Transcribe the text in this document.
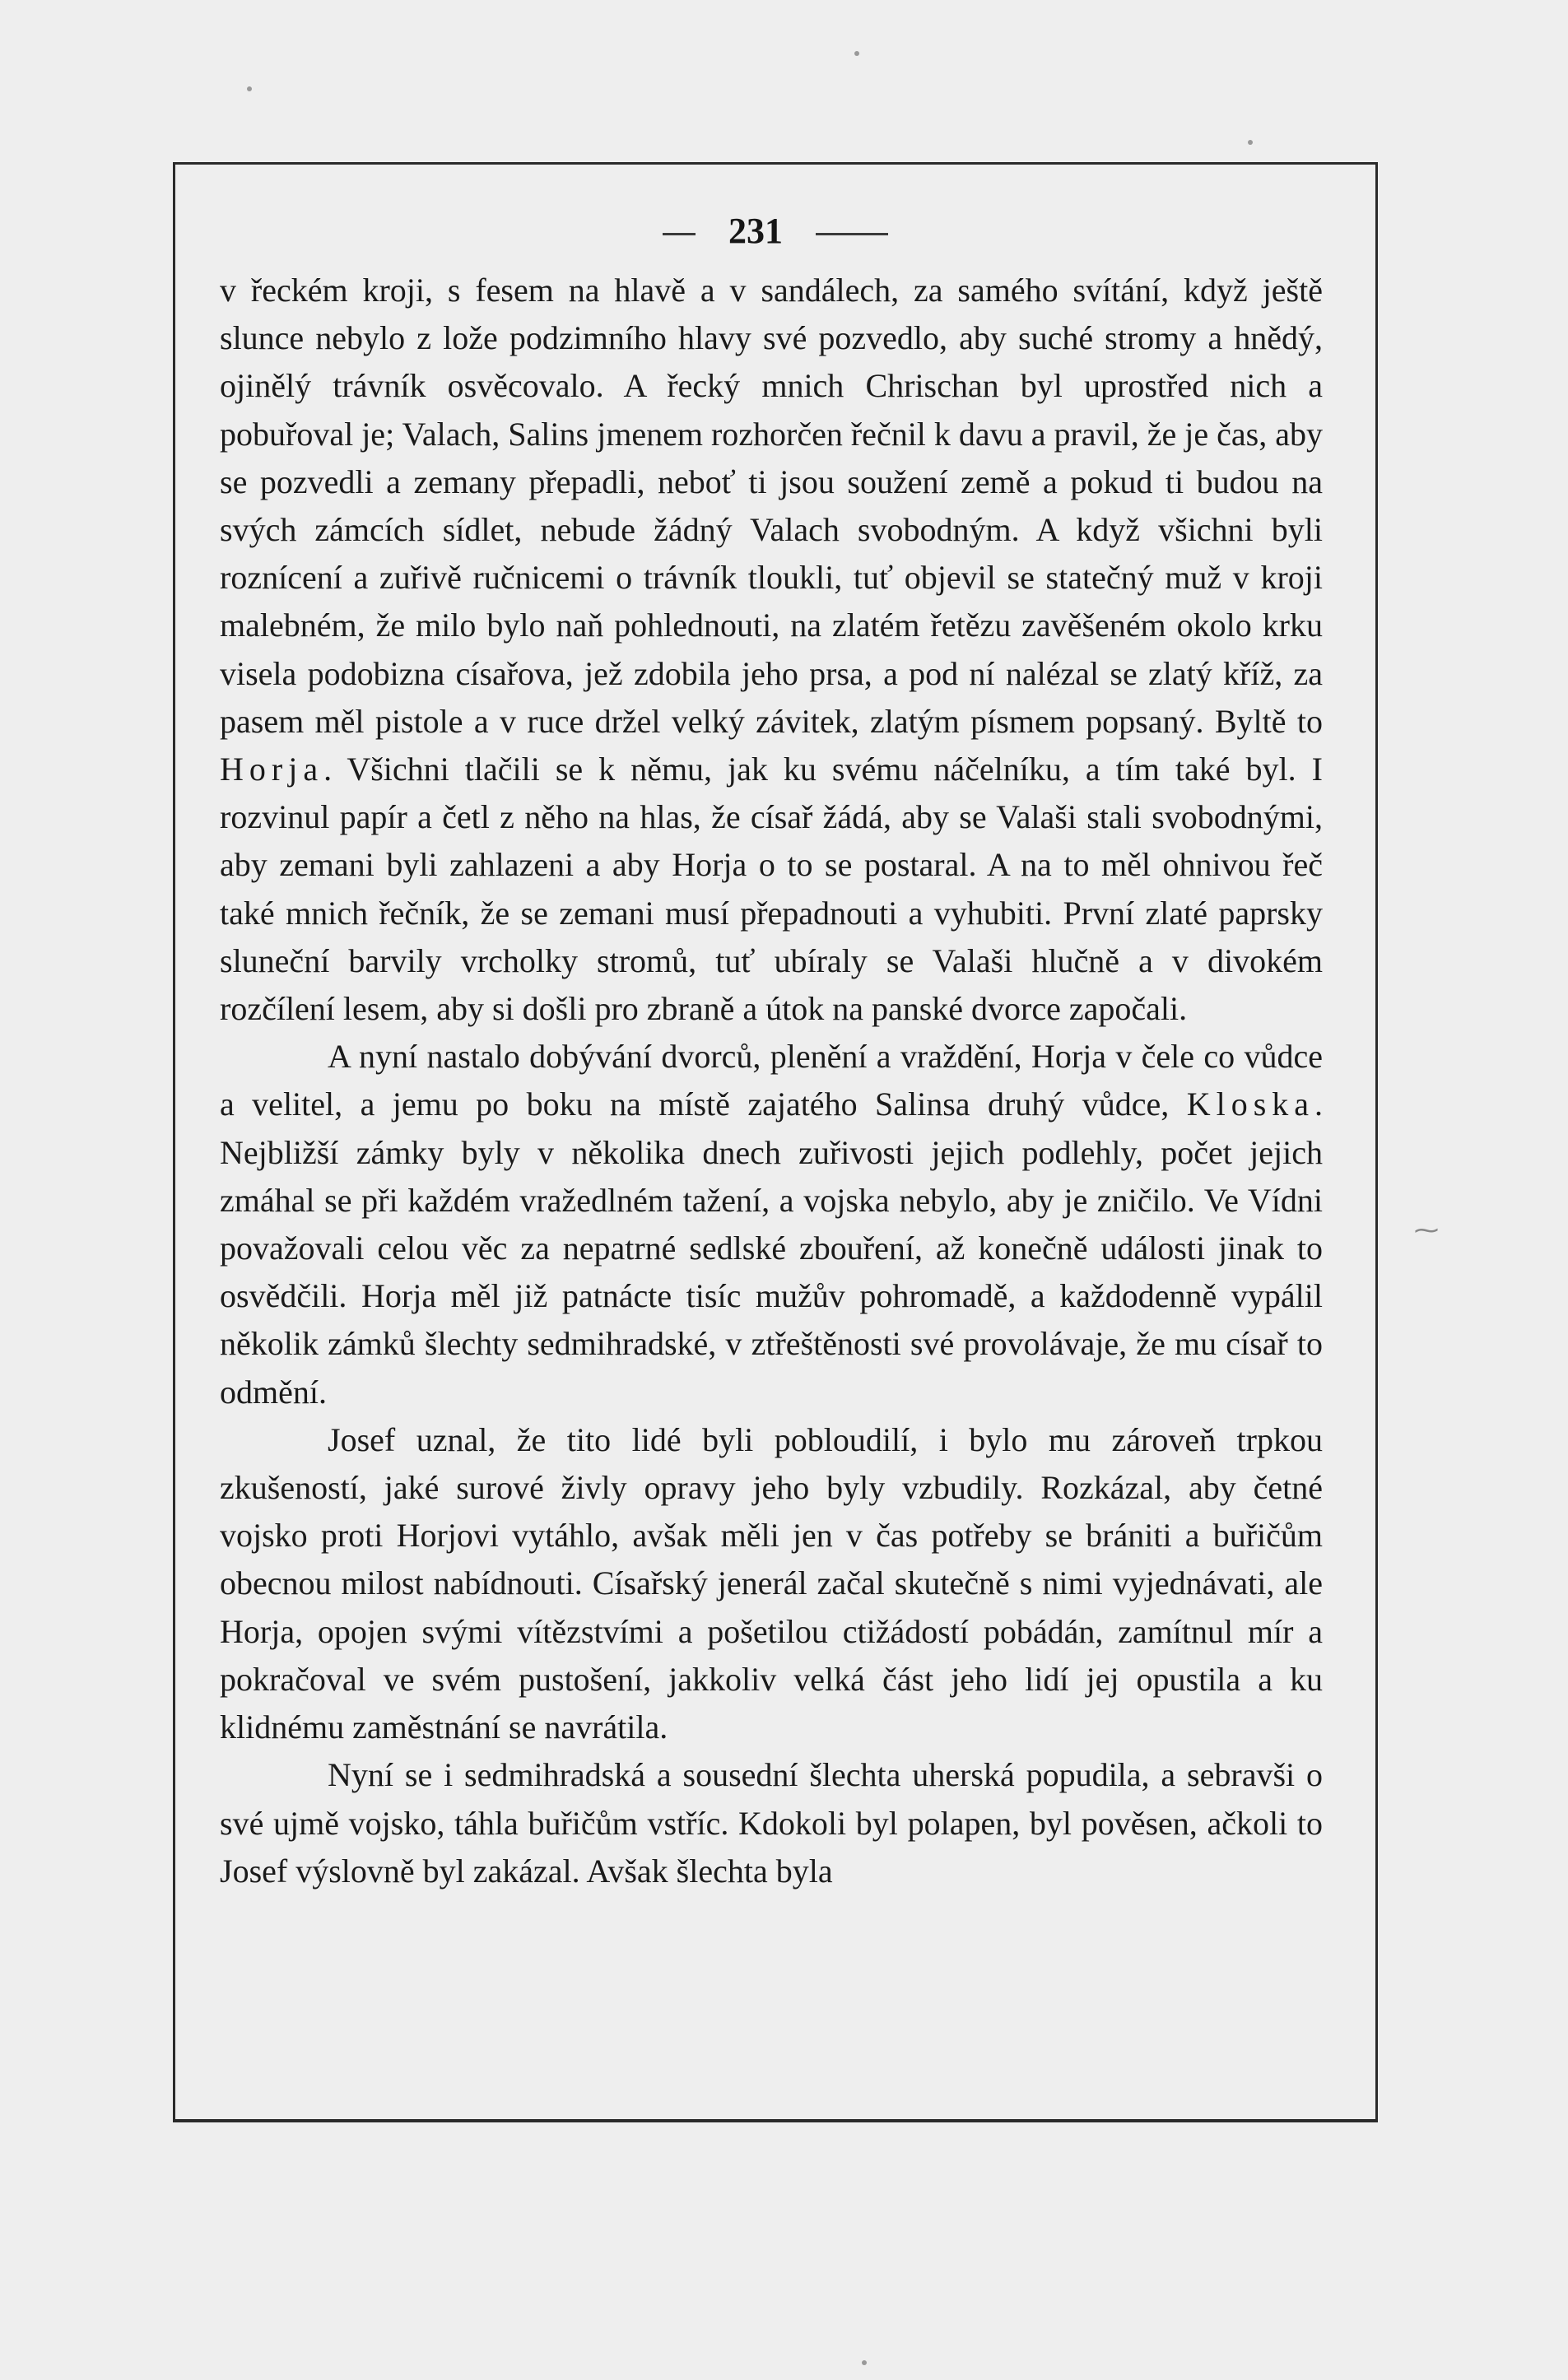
231

v řeckém kroji, s fesem na hlavě a v sandálech, za samého svítání, když ještě slunce nebylo z lože podzimního hlavy své pozvedlo, aby suché stromy a hnědý, ojinělý trávník osvěcovalo. A řecký mnich Chrischan byl uprostřed nich a pobuřoval je; Valach, Salins jmenem rozhorčen řečnil k davu a pravil, že je čas, aby se pozvedli a zemany přepadli, neboť ti jsou soužení země a pokud ti budou na svých zámcích sídlet, nebude žádný Valach svobodným. A když všichni byli roznícení a zuřivě ručnicemi o trávník tloukli, tuť objevil se statečný muž v kroji malebném, že milo bylo naň pohlednouti, na zlatém řetězu zavěšeném okolo krku visela podobizna císařova, jež zdobila jeho prsa, a pod ní nalézal se zlatý kříž, za pasem měl pistole a v ruce držel velký závitek, zlatým písmem popsaný. Byltě to Horja. Všichni tlačili se k němu, jak ku svému náčelníku, a tím také byl. I rozvinul papír a četl z něho na hlas, že císař žádá, aby se Valaši stali svobodnými, aby zemani byli zahlazeni a aby Horja o to se postaral. A na to měl ohnivou řeč také mnich řečník, že se zemani musí přepadnouti a vyhubiti. První zlaté paprsky sluneční barvily vrcholky stromů, tuť ubíraly se Valaši hlučně a v divokém rozčílení lesem, aby si došli pro zbraně a útok na panské dvorce započali.

A nyní nastalo dobývání dvorců, plenění a vraždění, Horja v čele co vůdce a velitel, a jemu po boku na místě zajatého Salinsa druhý vůdce, Kloska. Nejbližší zámky byly v několika dnech zuřivosti jejich podlehly, počet jejich zmáhal se při každém vražedlném tažení, a vojska nebylo, aby je zničilo. Ve Vídni považovali celou věc za nepatrné sedlské zbouření, až konečně události jinak to osvědčili. Horja měl již patnácte tisíc mužův pohromadě, a každodenně vypálil několik zámků šlechty sedmihradské, v ztřeštěnosti své provolávaje, že mu císař to odmění.

Josef uznal, že tito lidé byli pobloudilí, i bylo mu zároveň trpkou zkušeností, jaké surové živly opravy jeho byly vzbudily. Rozkázal, aby četné vojsko proti Horjovi vytáhlo, avšak měli jen v čas potřeby se brániti a buřičům obecnou milost nabídnouti. Císařský jenerál začal skutečně s nimi vyjednávati, ale Horja, opojen svými vítězstvími a pošetilou ctižádostí pobádán, zamítnul mír a pokračoval ve svém pustošení, jakkoliv velká část jeho lidí jej opustila a ku klidnému zaměstnání se navrátila.

Nyní se i sedmihradská a sousední šlechta uherská popudila, a sebravši o své ujmě vojsko, táhla buřičům vstříc. Kdokoli byl polapen, byl pověsen, ačkoli to Josef výslovně byl zakázal. Avšak šlechta byla

⁓
